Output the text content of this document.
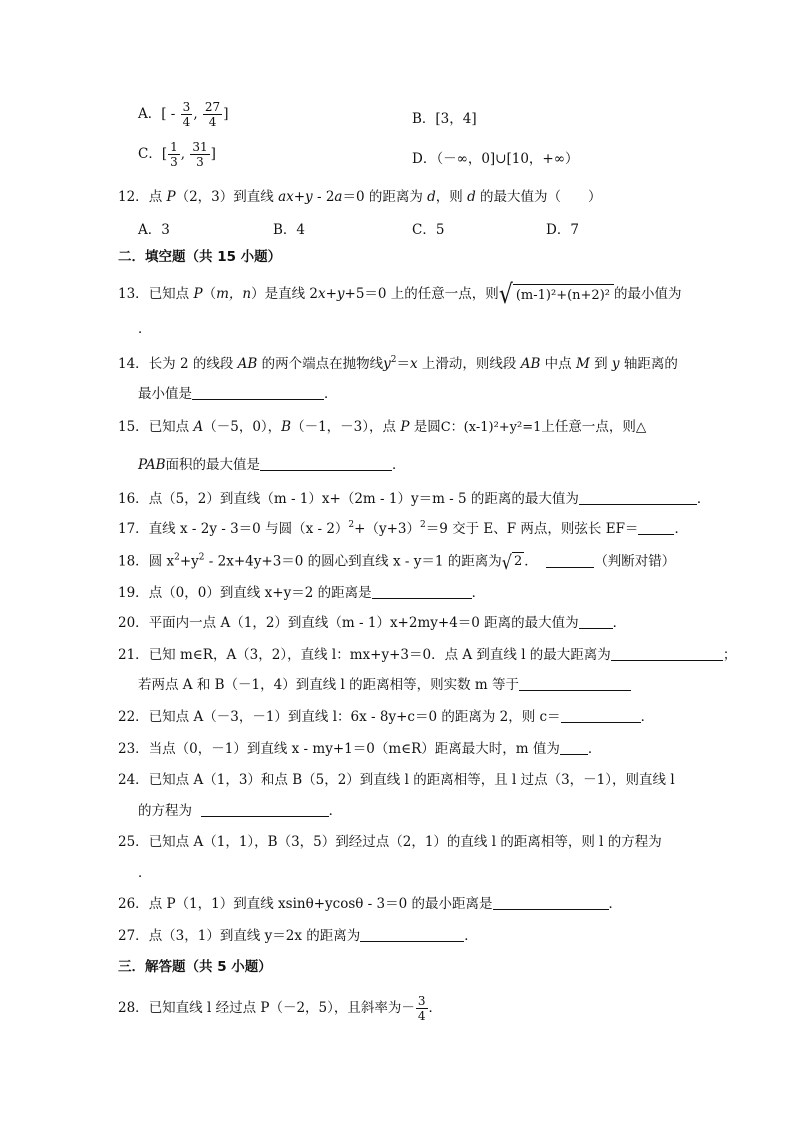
A．[ - $\frac{3}{4}$ , $\frac{27}{4}$ ]	B．[3，4]
C．[ $\frac{1}{3}$ , $\frac{31}{3}$ ]	D．（－∞，0]∪[10，+∞）
12．点 P（2，3）到直线 ax+y - 2a＝0 的距离为 d，则 d 的最大值为（　　）
A．3	B．4	C．5	D．7
二．填空题（共 15 小题）
13．已知点 P（m，n）是直线 2x+y+5＝0 上的任意一点，则√ (m-1)²+(n+2)² 的最小值为
．
14．长为 2 的线段 AB 的两个端点在抛物线$y^2=x$ 上滑动，则线段 AB 中点 M 到 y 轴距离的
最小值是	．
15．已知点 A（－5，0），B（－1，－3），点 P 是圆C：(x-1)²+y²=1上任意一点，则△
PAB面积的最大值是	．
16．点（5，2）到直线（m - 1）x+（2m - 1）y＝m - 5 的距离的最大值为	．
17．直线 x - 2y - 3＝0 与圆$(x - 2)^2+(y+3)^2=9$ 交于 E、F 两点，则弦长 EF＝	．
18．圆 $x^2+y^2 - 2x+4y+3=0$ 的圆心到直线 x - y＝1 的距离为√ 2 ．	（判断对错）
19．点（0，0）到直线 x+y＝2 的距离是	．
20．平面内一点 A（1，2）到直线（m - 1）x+2my+4＝0 距离的最大值为	．
21．已知 m∈R，A（3，2），直线 l：mx+y+3＝0．点 A 到直线 l 的最大距离为	；
若两点 A 和 B（－1，4）到直线 l 的距离相等，则实数 m 等于
22．已知点 A（－3，－1）到直线 l：6x - 8y+c＝0 的距离为 2，则 c＝	．
23．当点（0，－1）到直线 x - my+1＝0（m∈R）距离最大时，m 值为 ．
24．已知点 A（1，3）和点 B（5，2）到直线 l 的距离相等，且 l 过点（3，－1），则直线 l
的方程为	．
25．已知点 A（1，1），B（3，5）到经过点（2，1）的直线 l 的距离相等，则 l 的方程为
．
26．点 P（1，1）到直线 xsinθ+ycosθ - 3＝0 的最小距离是	．
27．点（3，1）到直线 y＝2x 的距离为	．
三．解答题（共 5 小题）
28．已知直线 l 经过点 P（－2，5），且斜率为－ $\frac{3}{4}$ ．
